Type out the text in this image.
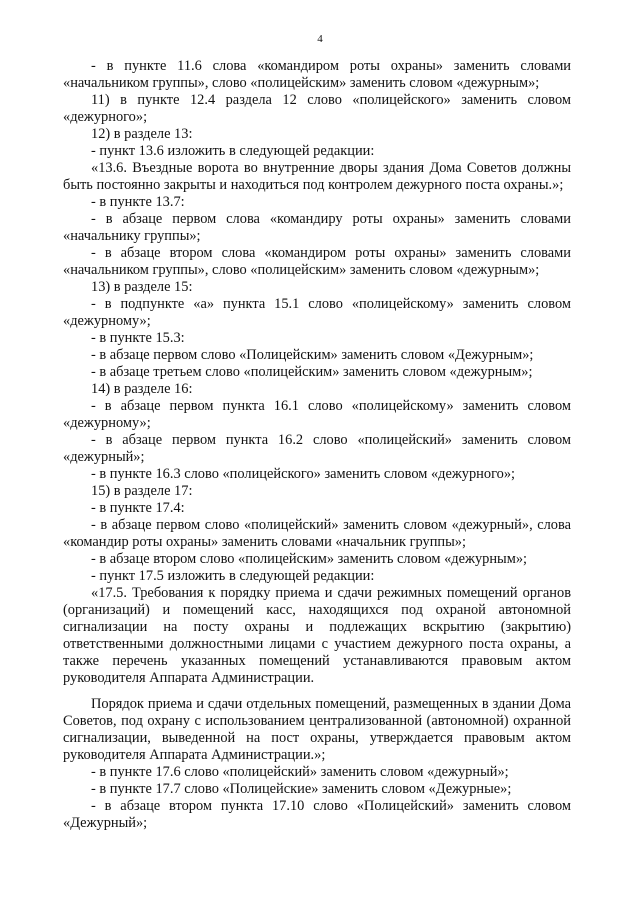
4

- в пункте 11.6 слова «командиром роты охраны» заменить словами «начальником группы», слово «полицейским» заменить словом «дежурным»;

11) в пункте 12.4 раздела 12 слово «полицейского» заменить словом «дежурного»;

12) в разделе 13:

- пункт 13.6 изложить в следующей редакции:

«13.6. Въездные ворота во внутренние дворы здания Дома Советов должны быть постоянно закрыты и находиться под контролем дежурного поста охраны.»;

- в пункте 13.7:

- в абзаце первом слова «командиру роты охраны» заменить словами «начальнику группы»;

- в абзаце втором слова «командиром роты охраны» заменить словами «начальником группы», слово «полицейским» заменить словом «дежурным»;

13) в разделе 15:

- в подпункте «а» пункта 15.1 слово «полицейскому» заменить словом «дежурному»;

- в пункте 15.3:

- в абзаце первом слово «Полицейским» заменить словом «Дежурным»;

- в абзаце третьем слово «полицейским» заменить словом «дежурным»;

14) в разделе 16:

- в абзаце первом пункта 16.1 слово «полицейскому» заменить словом «дежурному»;

- в абзаце первом пункта 16.2 слово «полицейский» заменить словом «дежурный»;

- в пункте 16.3 слово «полицейского» заменить словом «дежурного»;

15) в разделе 17:

- в пункте 17.4:

- в абзаце первом слово «полицейский» заменить словом «дежурный», слова «командир роты охраны» заменить словами «начальник группы»;

- в абзаце втором слово «полицейским» заменить словом «дежурным»;

- пункт 17.5 изложить в следующей редакции:

«17.5. Требования к порядку приема и сдачи режимных помещений органов (организаций) и помещений касс, находящихся под охраной автономной сигнализации на посту охраны и подлежащих вскрытию (закрытию) ответственными должностными лицами с участием дежурного поста охраны, а также перечень указанных помещений устанавливаются правовым актом руководителя Аппарата Администрации.

Порядок приема и сдачи отдельных помещений, размещенных в здании Дома Советов, под охрану с использованием централизованной (автономной) охранной сигнализации, выведенной на пост охраны, утверждается правовым актом руководителя Аппарата Администрации.»;

- в пункте 17.6 слово «полицейский» заменить словом «дежурный»;

- в пункте 17.7 слово «Полицейские» заменить словом «Дежурные»;

- в абзаце втором пункта 17.10 слово «Полицейский» заменить словом «Дежурный»;
